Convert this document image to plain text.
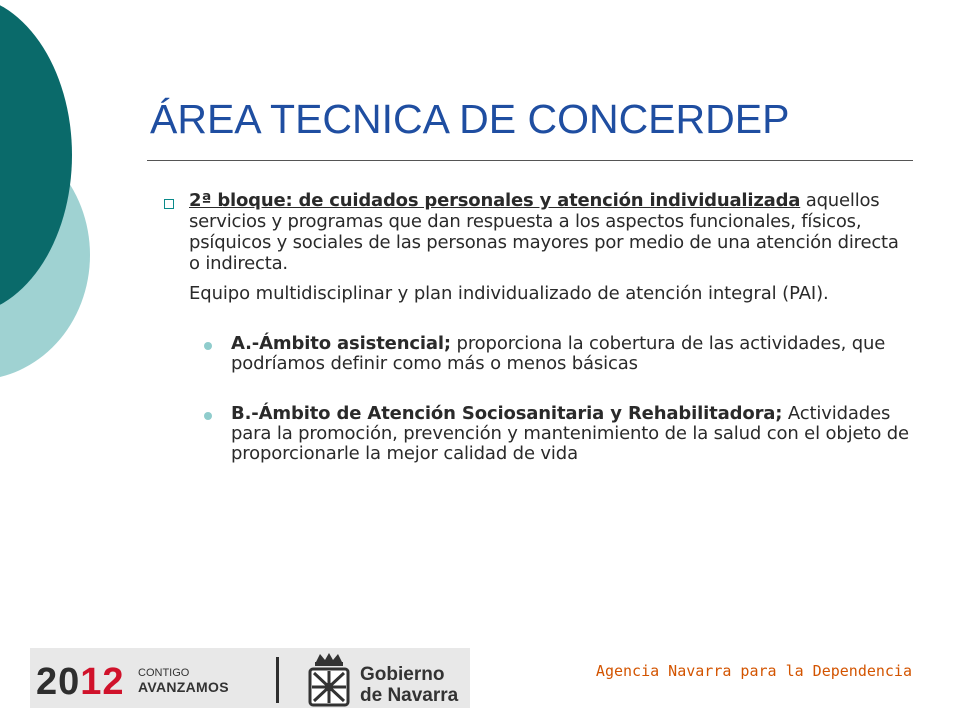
ÁREA TECNICA DE CONCERDEP

2ª bloque: de cuidados personales y atención individualizada aquellos servicios y programas que dan respuesta a los aspectos funcionales, físicos, psíquicos y sociales de las personas mayores por medio de una atención directa o indirecta.

Equipo multidisciplinar y plan individualizado de atención integral (PAI).

A.-Ámbito asistencial; proporciona la cobertura de las actividades, que podríamos definir como más o menos básicas

B.-Ámbito de Atención Sociosanitaria y Rehabilitadora; Actividades para la promoción, prevención y mantenimiento de la salud con el objeto de proporcionarle la mejor calidad de vida

2012 CONTIGO
AVANZAMOS
Gobierno
de Navarra
Agencia Navarra para la Dependencia
